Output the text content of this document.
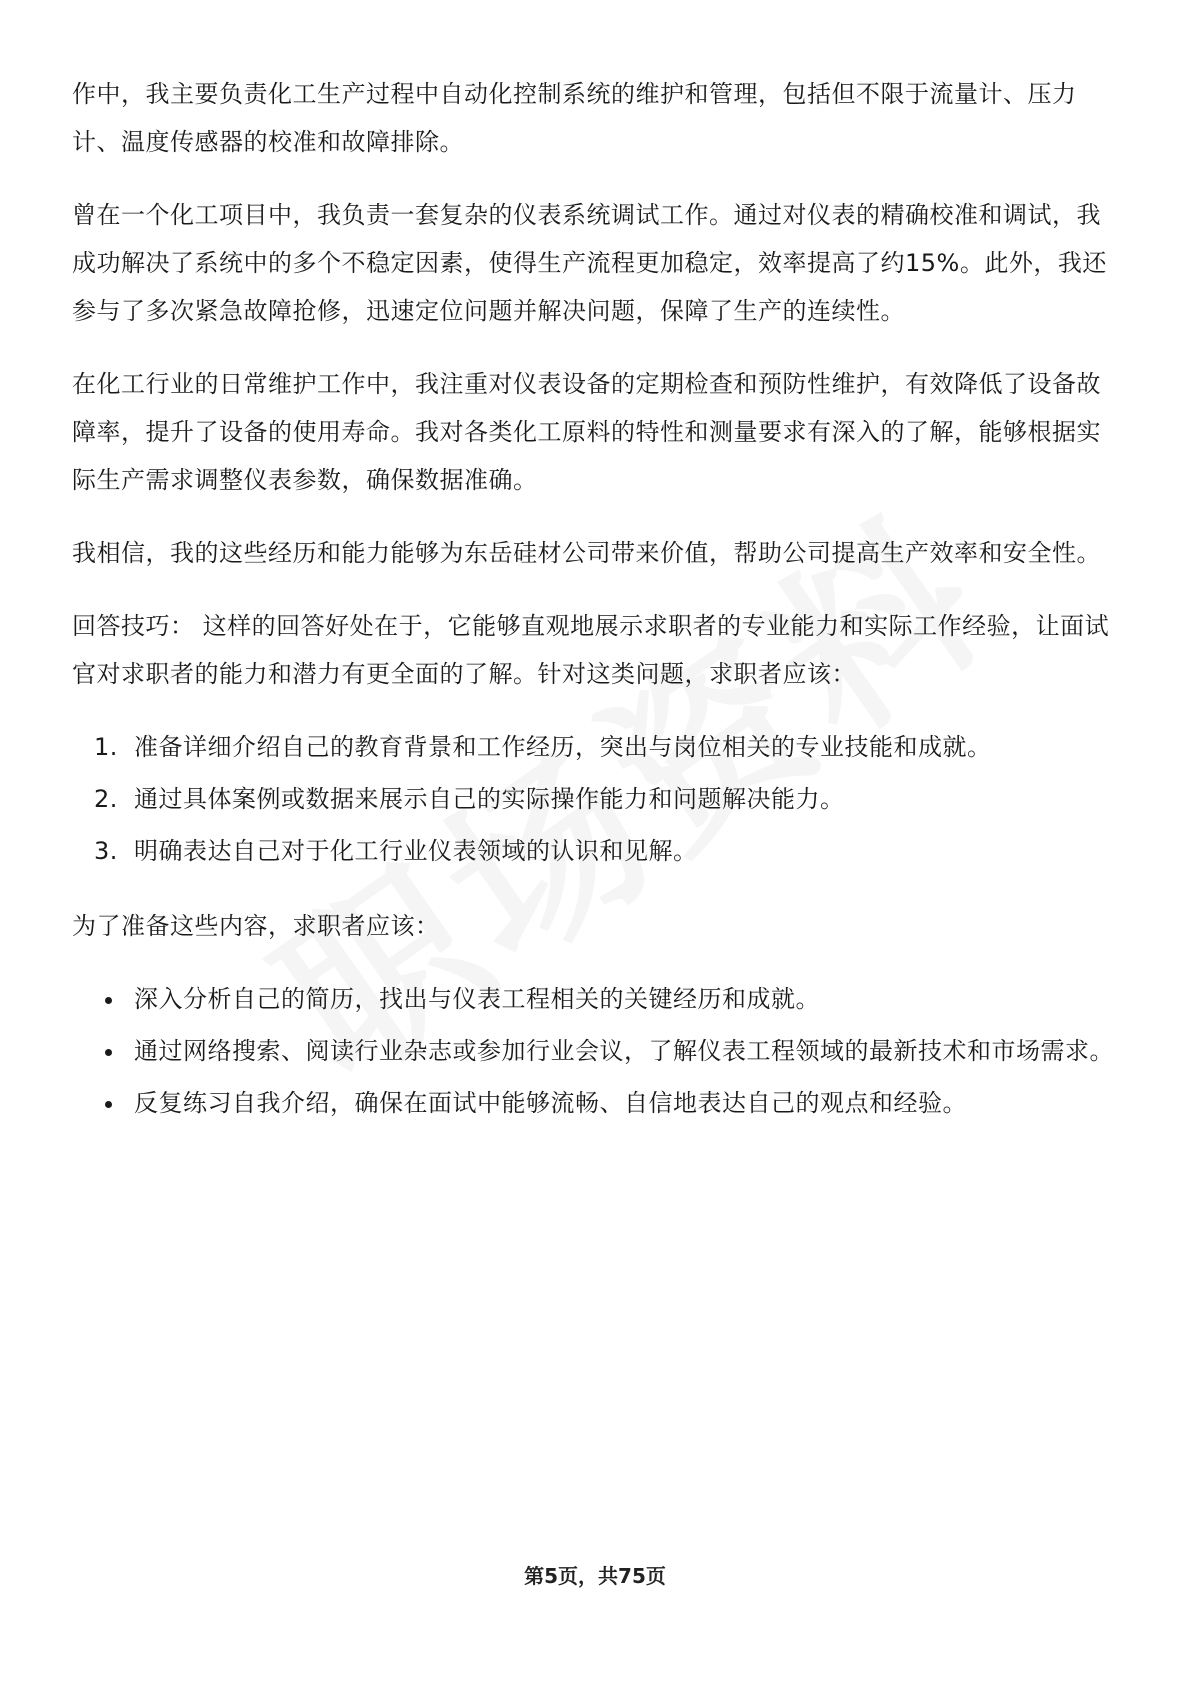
作中，我主要负责化工生产过程中自动化控制系统的维护和管理，包括但不限于流量计、压力计、温度传感器的校准和故障排除。

曾在一个化工项目中，我负责一套复杂的仪表系统调试工作。通过对仪表的精确校准和调试，我成功解决了系统中的多个不稳定因素，使得生产流程更加稳定，效率提高了约15%。此外，我还参与了多次紧急故障抢修，迅速定位问题并解决问题，保障了生产的连续性。

在化工行业的日常维护工作中，我注重对仪表设备的定期检查和预防性维护，有效降低了设备故障率，提升了设备的使用寿命。我对各类化工原料的特性和测量要求有深入的了解，能够根据实际生产需求调整仪表参数，确保数据准确。

我相信，我的这些经历和能力能够为东岳硅材公司带来价值，帮助公司提高生产效率和安全性。

回答技巧： 这样的回答好处在于，它能够直观地展示求职者的专业能力和实际工作经验，让面试官对求职者的能力和潜力有更全面的了解。针对这类问题，求职者应该：

1. 准备详细介绍自己的教育背景和工作经历，突出与岗位相关的专业技能和成就。
2. 通过具体案例或数据来展示自己的实际操作能力和问题解决能力。
3. 明确表达自己对于化工行业仪表领域的认识和见解。

为了准备这些内容，求职者应该：

• 深入分析自己的简历，找出与仪表工程相关的关键经历和成就。
• 通过网络搜索、阅读行业杂志或参加行业会议，了解仪表工程领域的最新技术和市场需求。
• 反复练习自我介绍，确保在面试中能够流畅、自信地表达自己的观点和经验。
第5页，共75页
